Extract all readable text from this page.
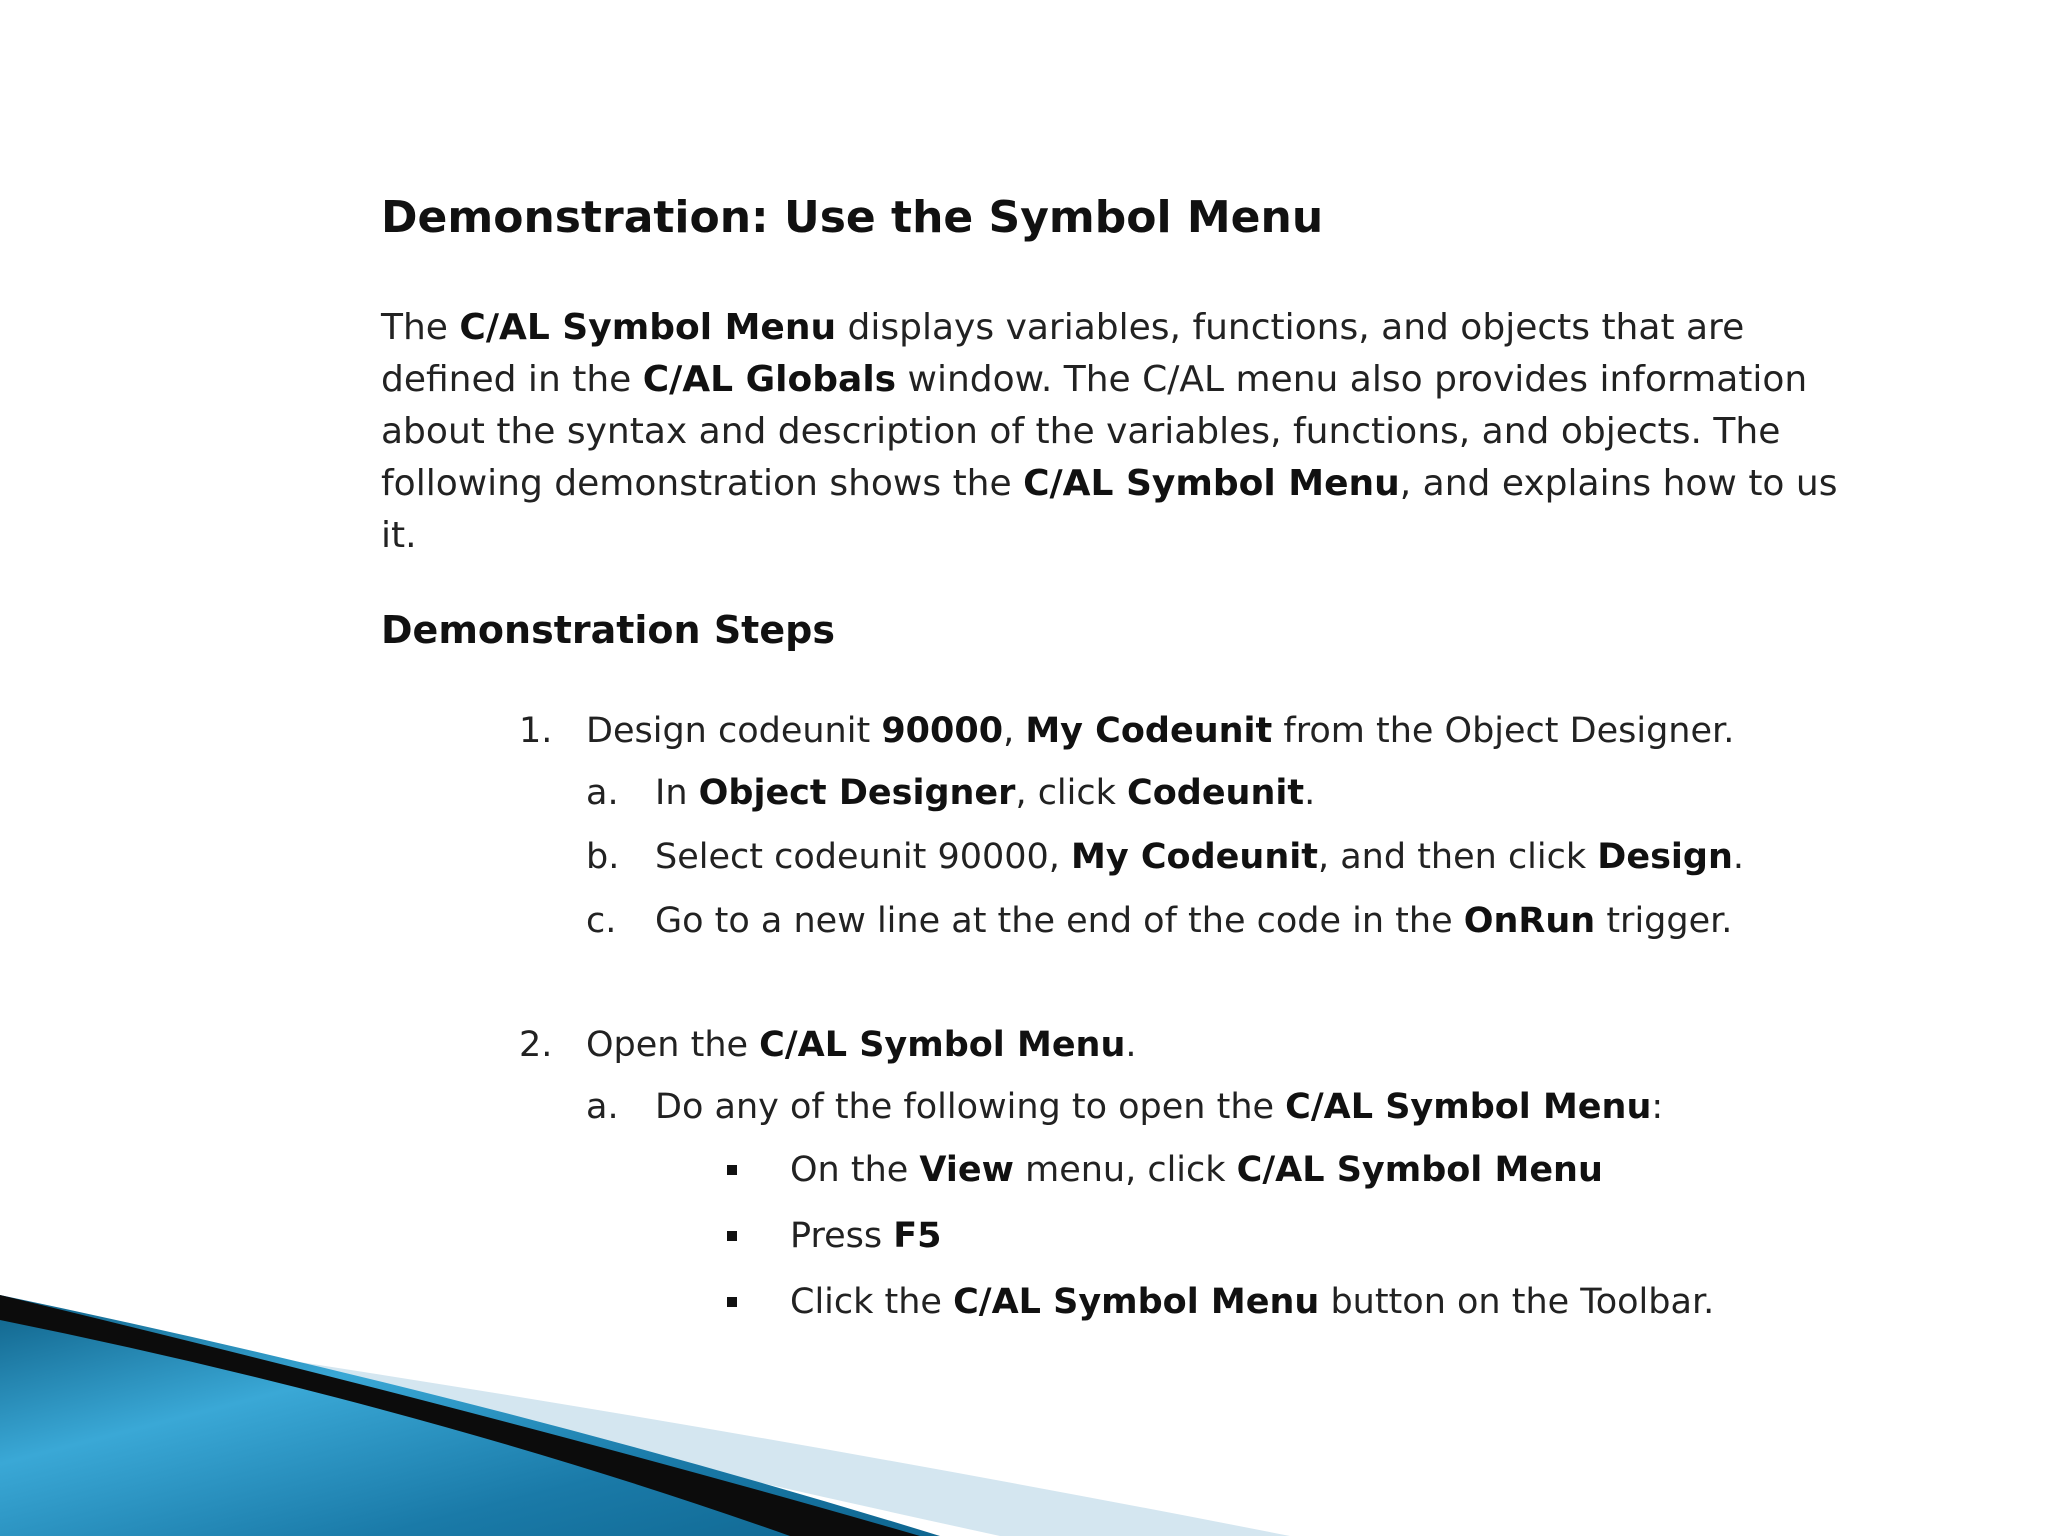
Demonstration: Use the Symbol Menu
The C/AL Symbol Menu displays variables, functions, and objects that are
defined in the C/AL Globals window. The C/AL menu also provides information
about the syntax and description of the variables, functions, and objects. The
following demonstration shows the C/AL Symbol Menu, and explains how to us
it.
Demonstration Steps
1. Design codeunit 90000, My Codeunit from the Object Designer.
a. In Object Designer, click Codeunit.
b. Select codeunit 90000, My Codeunit, and then click Design.
c. Go to a new line at the end of the code in the OnRun trigger.
2. Open the C/AL Symbol Menu.
a. Do any of the following to open the C/AL Symbol Menu:
On the View menu, click C/AL Symbol Menu
Press F5
Click the C/AL Symbol Menu button on the Toolbar.
